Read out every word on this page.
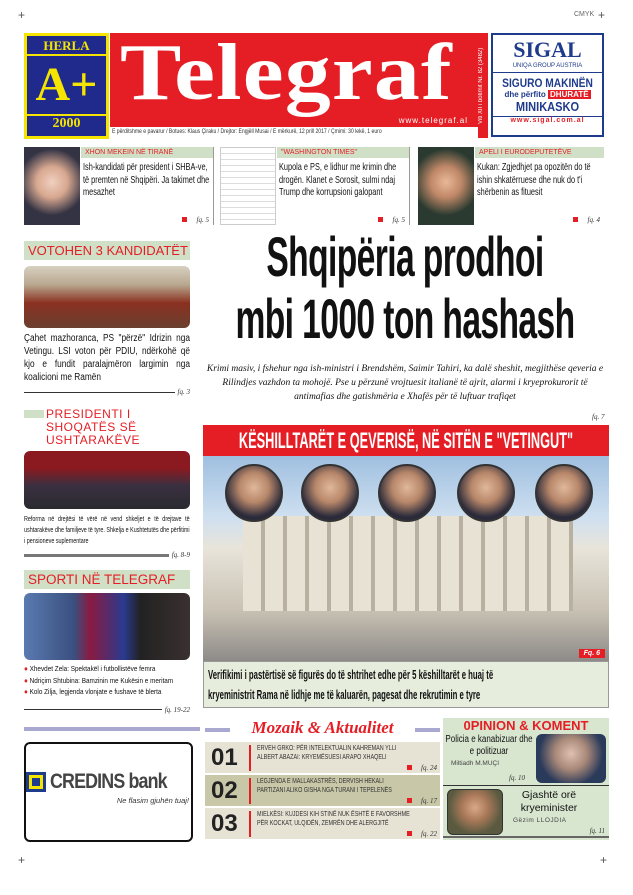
+	CMYK +
HERLA
A+
2000
Telegraf
www.telegraf.al
E përditshme e pavarur / Botues: Klaus Çiraku / Drejtor: Engjëll Musai / E mërkurë, 12 prill 2017 / Çmimi: 30 lekë, 1 euro
Viti XII i botimit Nr. 82 (3482)	SIGAL
UNIQA GROUP AUSTRIA
SIGURO MAKINËN
dhe përfito DHURATË
MINIKASKO
www.sigal.com.al
XHON MEKEIN NË TIRANË
Ish-kandidati për president i SHBA-ve, të premten në Shqipëri. Ja takimet dhe mesazhet
fq. 5
"WASHINGTON TIMES"
Kupola e PS, e lidhur me krimin dhe drogën. Klanet e Sorosit, sulmi ndaj Trump dhe korrupsioni galopant
fq. 5
APELI I EURODEPUTETËVE
Kukan: Zgjedhjet pa opozitën do të ishin shkatërruese dhe nuk do t'i shërbenin as fituesit
fq. 4
VOTOHEN 3 KANDIDATËT
Çahet mazhoranca, PS "përzë" Idrizin nga Vetingu. LSI voton për PDIU, ndërkohë që kjo e fundit paralajmëron largimin nga koalicioni me Ramën
fq. 3
PRESIDENTI I SHOQATËS SË USHTARAKËVE
Reforma në drejtësi të vërë në vend shkeljet e të drejtave të ushtarakëve dhe familjeve të tyre. Shkelja e Kushtetutës dhe përfitimi i pensioneve suplementare
fq. 8-9
SPORTI NË TELEGRAF
● Xhevdet Zela: Spektakël i futbollistëve femra
● Ndriçim Shtubina: Bamzinin me Kukësin e meritam
● Kolo Zilja, legjenda vlonjate e fushave të blerta
fq. 19-22
Shqipëria prodhoi
mbi 1000 ton hashash
Krimi masiv, i fshehur nga ish-ministri i Brendshëm, Saimir Tahiri, ka dalë sheshit, megjithëse qeveria e Rilindjes vazhdon ta mohojë. Pse u përzunë vrojtuesit italianë të ajrit, alarmi i kryeprokurorit të antimafias dhe gatishmëria e Xhafës për të luftuar trafiqet
fq. 7
KËSHILLTARËT E QEVERISË, NË SITËN E "VETINGUT"
Fq. 6
Verifikimi i pastërtisë së figurës do të shtrihet edhe për 5 këshilltarët e huaj të
kryeministrit Rama në lidhje me të kaluarën, pagesat dhe rekrutimin e tyre
Mozaik & Aktualitet
01	ERVEH GRKO: PËR INTELEKTUALIN KAHREMAN YLLI
ALBERT ABAZAI: KRYEMËSUESI ARAPO XHAQELI
fq. 24
02	LEGJENDA E MALLAKASTRËS, DERVISH HEKALI
PARTIZANI ALIKO GISHA NGA TURANI I TEPELENËS
fq. 17
03	MIELKËSI: KUJDESI KIH STINË NUK ËSHTË E FAVORSHME
PËR KOCKAT, ULQIDËN, ZEMRËN DHE ALERGJITË
fq. 22
0PINION & KOMENT
Policia e kanabizuar dhe e politizuar
Miltiadh M.MUÇI
fq. 10
Gjashtë orë kryeminister
Gëzim LLOJDIA
fq. 11
CREDINS bank
Ne flasim gjuhën tuaj!
+	+
